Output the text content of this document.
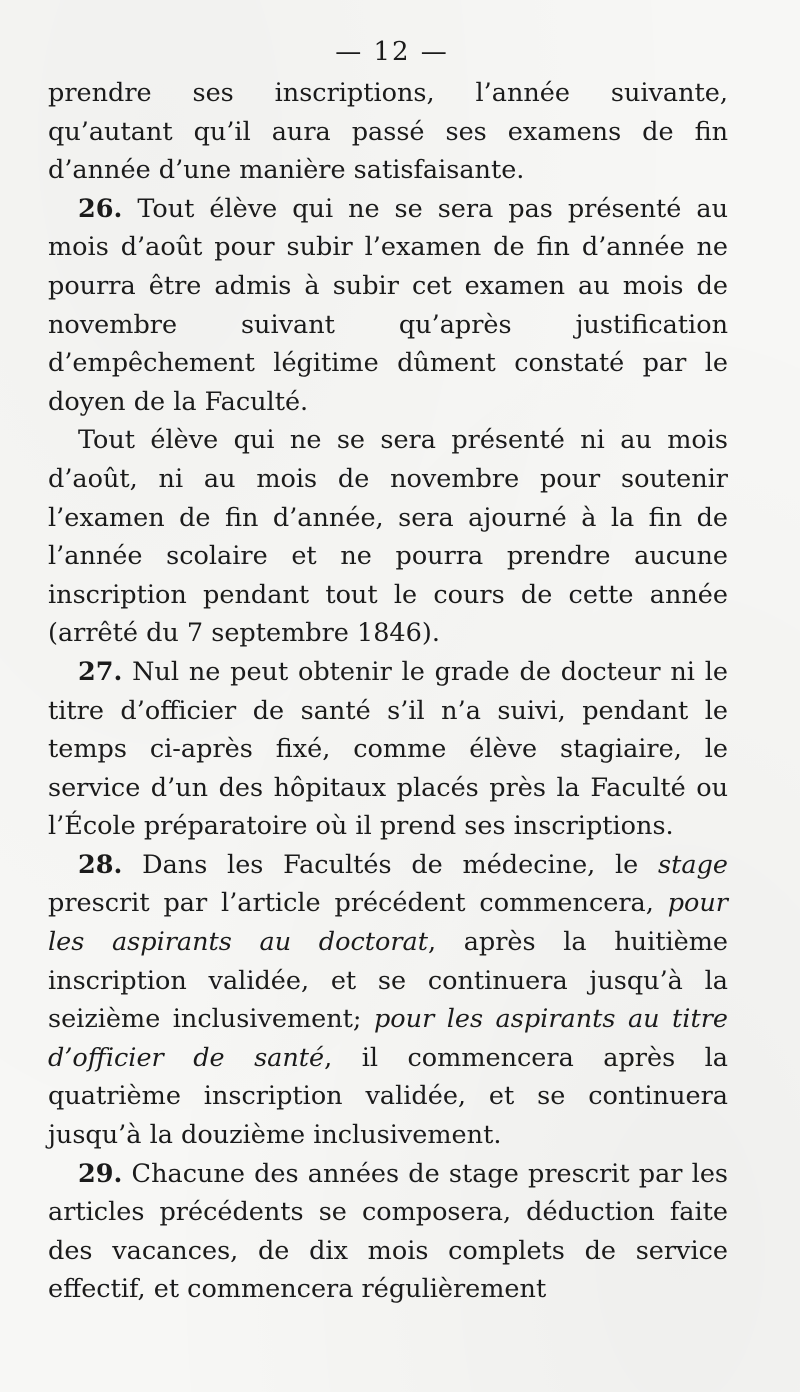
— 12 —

prendre ses inscriptions, l’année suivante, qu’autant qu’il aura passé ses examens de fin d’année d’une manière satisfaisante.

26. Tout élève qui ne se sera pas présenté au mois d’août pour subir l’examen de fin d’année ne pourra être admis à subir cet examen au mois de novembre suivant qu’après justification d’empêchement légitime dûment constaté par le doyen de la Faculté.

Tout élève qui ne se sera présenté ni au mois d’août, ni au mois de novembre pour soutenir l’examen de fin d’année, sera ajourné à la fin de l’année scolaire et ne pourra prendre aucune inscription pendant tout le cours de cette année (arrêté du 7 septembre 1846).

27. Nul ne peut obtenir le grade de docteur ni le titre d’officier de santé s’il n’a suivi, pendant le temps ci-après fixé, comme élève stagiaire, le service d’un des hôpitaux placés près la Faculté ou l’École préparatoire où il prend ses inscriptions.

28. Dans les Facultés de médecine, le stage prescrit par l’article précédent commencera, pour les aspirants au doctorat, après la huitième inscription validée, et se continuera jusqu’à la seizième inclusivement; pour les aspirants au titre d’officier de santé, il commencera après la quatrième inscription validée, et se continuera jusqu’à la douzième inclusivement.

29. Chacune des années de stage prescrit par les articles précédents se composera, déduction faite des vacances, de dix mois complets de service effectif, et commencera régulièrement
